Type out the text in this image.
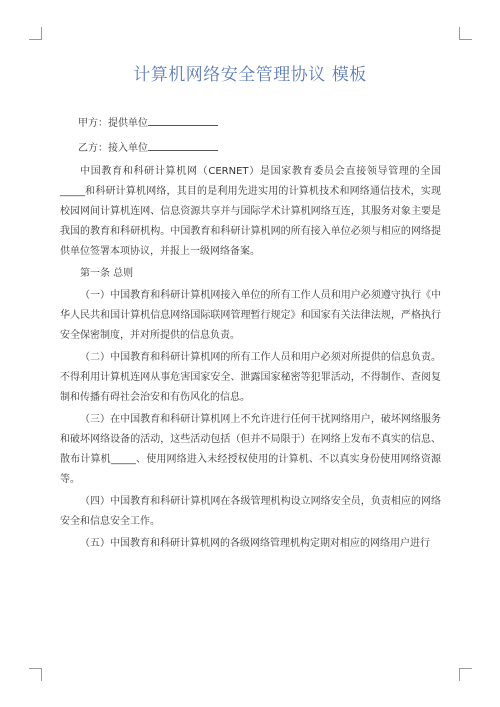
计算机网络安全管理协议 模板
甲方：提供单位
乙方：接入单位

中国教育和科研计算机网（CERNET）是国家教育委员会直接领导管理的全国_____和科研计算机网络，其目的是利用先进实用的计算机技术和网络通信技术，实现校园网间计算机连网、信息资源共享并与国际学术计算机网络互连，其服务对象主要是我国的教育和科研机构。中国教育和科研计算机网的所有接入单位必须与相应的网络提供单位签署本项协议，并报上一级网络备案。

第一条 总则

（一）中国教育和科研计算机网接入单位的所有工作人员和用户必须遵守执行《中华人民共和国计算机信息网络国际联网管理暂行规定》和国家有关法律法规，严格执行安全保密制度，并对所提供的信息负责。

（二）中国教育和科研计算机网的所有工作人员和用户必须对所提供的信息负责。不得利用计算机连网从事危害国家安全、泄露国家秘密等犯罪活动，不得制作、查阅复制和传播有碍社会治安和有伤风化的信息。

（三）在中国教育和科研计算机网上不允许进行任何干扰网络用户，破坏网络服务和破坏网络设备的活动，这些活动包括（但并不局限于）在网络上发布不真实的信息、散布计算机_____、使用网络进入未经授权使用的计算机、不以真实身份使用网络资源等。

（四）中国教育和科研计算机网在各级管理机构设立网络安全员，负责相应的网络安全和信息安全工作。

（五）中国教育和科研计算机网的各级网络管理机构定期对相应的网络用户进行
